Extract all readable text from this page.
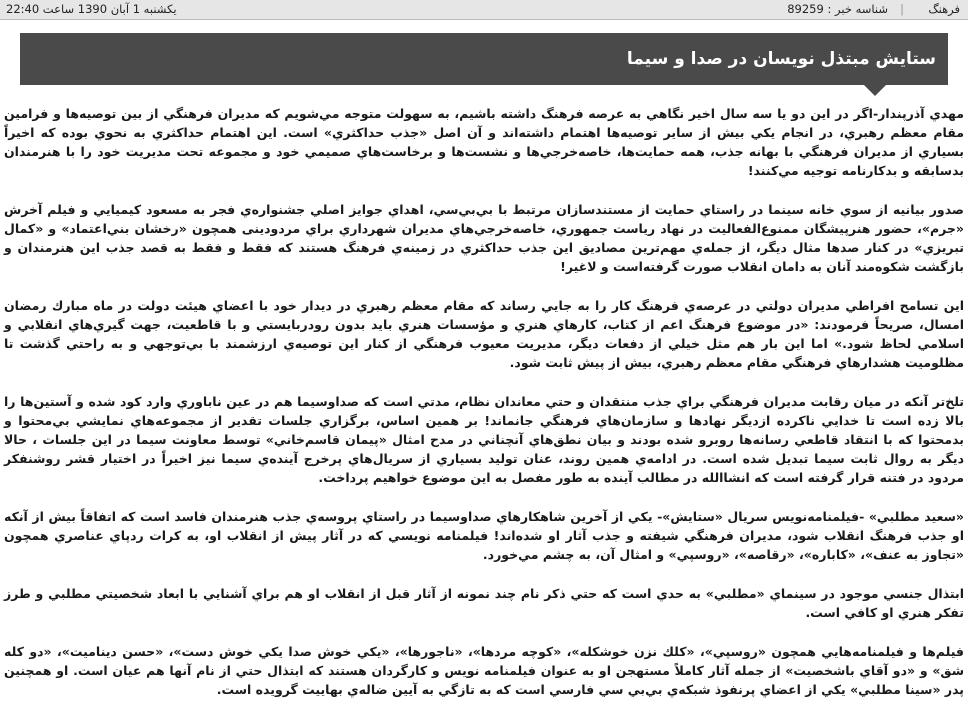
فرهنگ
|
شناسه خبر : 89259
يكشنبه 1 آبان 1390 ساعت 22:40
ستايش مبتذل نويسان در صدا و سيما

مهدي آذرپندار-اگر در اين دو يا سه سال اخير نگاهي به عرصه فرهنگ داشته باشيم، به سهولت متوجه مي‌شويم كه مديران فرهنگي از بين توصيه‌ها و فرامين مقام معظم رهبري، در انجام يكي بيش از ساير توصيه‌ها اهتمام داشته‌اند و آن اصل «جذب حداكثري» است. اين اهتمام حداكثري به نحوي بوده كه اخيراً بسياري از مديران فرهنگي با بهانه جذب، همه حمايت‌ها، خاصه‌خرجي‌ها و نشست‌ها و برخاست‌هاي صميمي خود و مجموعه تحت مديريت خود را با هنرمندان بدسابقه و بدكارنامه توجيه مي‌كنند!

صدور بيانيه از سوي خانه سينما در راستاي حمايت از مستندسازان مرتبط با بي‌بي‌سي، اهداي جوايز اصلي جشنواره‌ي فجر به مسعود كيميايي و فيلم آخرش «جرم»، حضور هنرپيشگان ممنوع‌الفعاليت در نهاد رياست جمهوري، خاصه‌خرجي‌هاي مديران شهرداري براي مردودينی همچون «رخشان بني‌اعتماد» و «كمال تبريزي» در كنار صدها مثال ديگر، از جمله‌ي مهم‌ترين مصاديق اين جذب حداكثري در زمينه‌ي فرهنگ هستند كه فقط و فقط به قصد جذب اين هنرمندان و بازگشت شكوه‌مند آنان به دامان انقلاب صورت گرفته‌است و لاغير!

اين تسامح افراطي مديران دولتي در عرصه‌ي فرهنگ كار را به جايي رساند كه مقام معظم رهبري در ديدار خود با اعضاي هيئت دولت در ماه مبارك رمضان امسال، صريحاً فرمودند: «در موضوع فرهنگ اعم از كتاب، كارهاي هنري و مؤسسات هنري بايد بدون رودربايستي و با قاطعيت، جهت گيري‌هاي انقلابي و اسلامي لحاظ شود.» اما اين بار هم مثل خيلي از دفعات ديگر، مديريت معيوب فرهنگي از كنار اين توصيه‌ي ارزشمند با بي‌توجهي و به راحتي گذشت تا مظلوميت هشدارهاي فرهنگي مقام معظم رهبري، بيش از پيش ثابت شود.

تلخ‌تر آنكه در ميان رقابت مديران فرهنگي براي جذب منتقدان و حتي معاندان نظام، مدتي است كه صداوسيما هم در عين ناباوري وارد كود شده و آستين‌ها را بالا زده است تا خدايي ناكرده ازديگر نهادها و سازمان‌هاي فرهنگي جانماند! بر همين اساس، برگزاري جلسات تقدير از مجموعه‌هاي نمايشي بي‌محتوا و بدمحتوا كه با انتقاد قاطعي رسانه‌ها روبرو شده بودند و بيان نطق‌هاي آنچناني در مدح امثال «پيمان قاسم‌خاني» توسط معاونت سيما در اين جلسات ، حالا ديگر به روال ثابت سيما تبديل شده است. در ادامه‌ي همين روند، عنان توليد بسياري از سريال‌هاي پرخرج آينده‌ي سيما نيز اخيراً در اختيار قشر روشنفكر مردود در فتنه قرار گرفته است كه انشاالله در مطالب آينده به طور مفصل به اين موضوع خواهيم پرداخت.

«سعيد مطلبي» -فيلمنامه‌نويس سريال «ستايش»- يكي از آخرين شاهكارهاي صداوسيما در راستاي پروسه‌ي جذب هنرمندان فاسد است كه اتفاقاً بيش از آنكه او جذب فرهنگ انقلاب شود، مديران فرهنگي شيفته و جذب آثار او شده‌اند! فيلمنامه نويسي كه در آثار پيش از انقلاب او، به كرات ردپاي عناصري همچون «تجاوز به عنف»، «كاباره»، «رقاصه»، «روسپي» و امثال آن، به چشم مي‌خورد.

ابتذال جنسي موجود در سينماي «مطلبي» به حدي است كه حتي ذكر نام چند نمونه از آثار قبل از انقلاب او هم براي آشنايي با ابعاد شخصيتي مطلبي و طرز تفكر هنري او كافي است.

فيلم‌ها و فيلمنامه‌هايي همچون «روسپي»، «كلك نزن خوشكله»، «كوچه مردها»، «ناجورها»، «يكي خوش صدا يكي خوش دست»، «حسن ديناميت»، «دو كله شق» و «دو آقاي باشخصيت» از جمله آثار كاملاً مستهجن او به عنوان فيلمنامه نويس و كارگردان هستند كه ابتذال حتي از نام آنها هم عيان است. او همچنين پدر «سينا مطلبي» يكي از اعضاي پرنفوذ شبكه‌ي بي‌بي سي فارسي است كه به تازگي به آيين ضاله‌ي بهاييت گرويده است.
